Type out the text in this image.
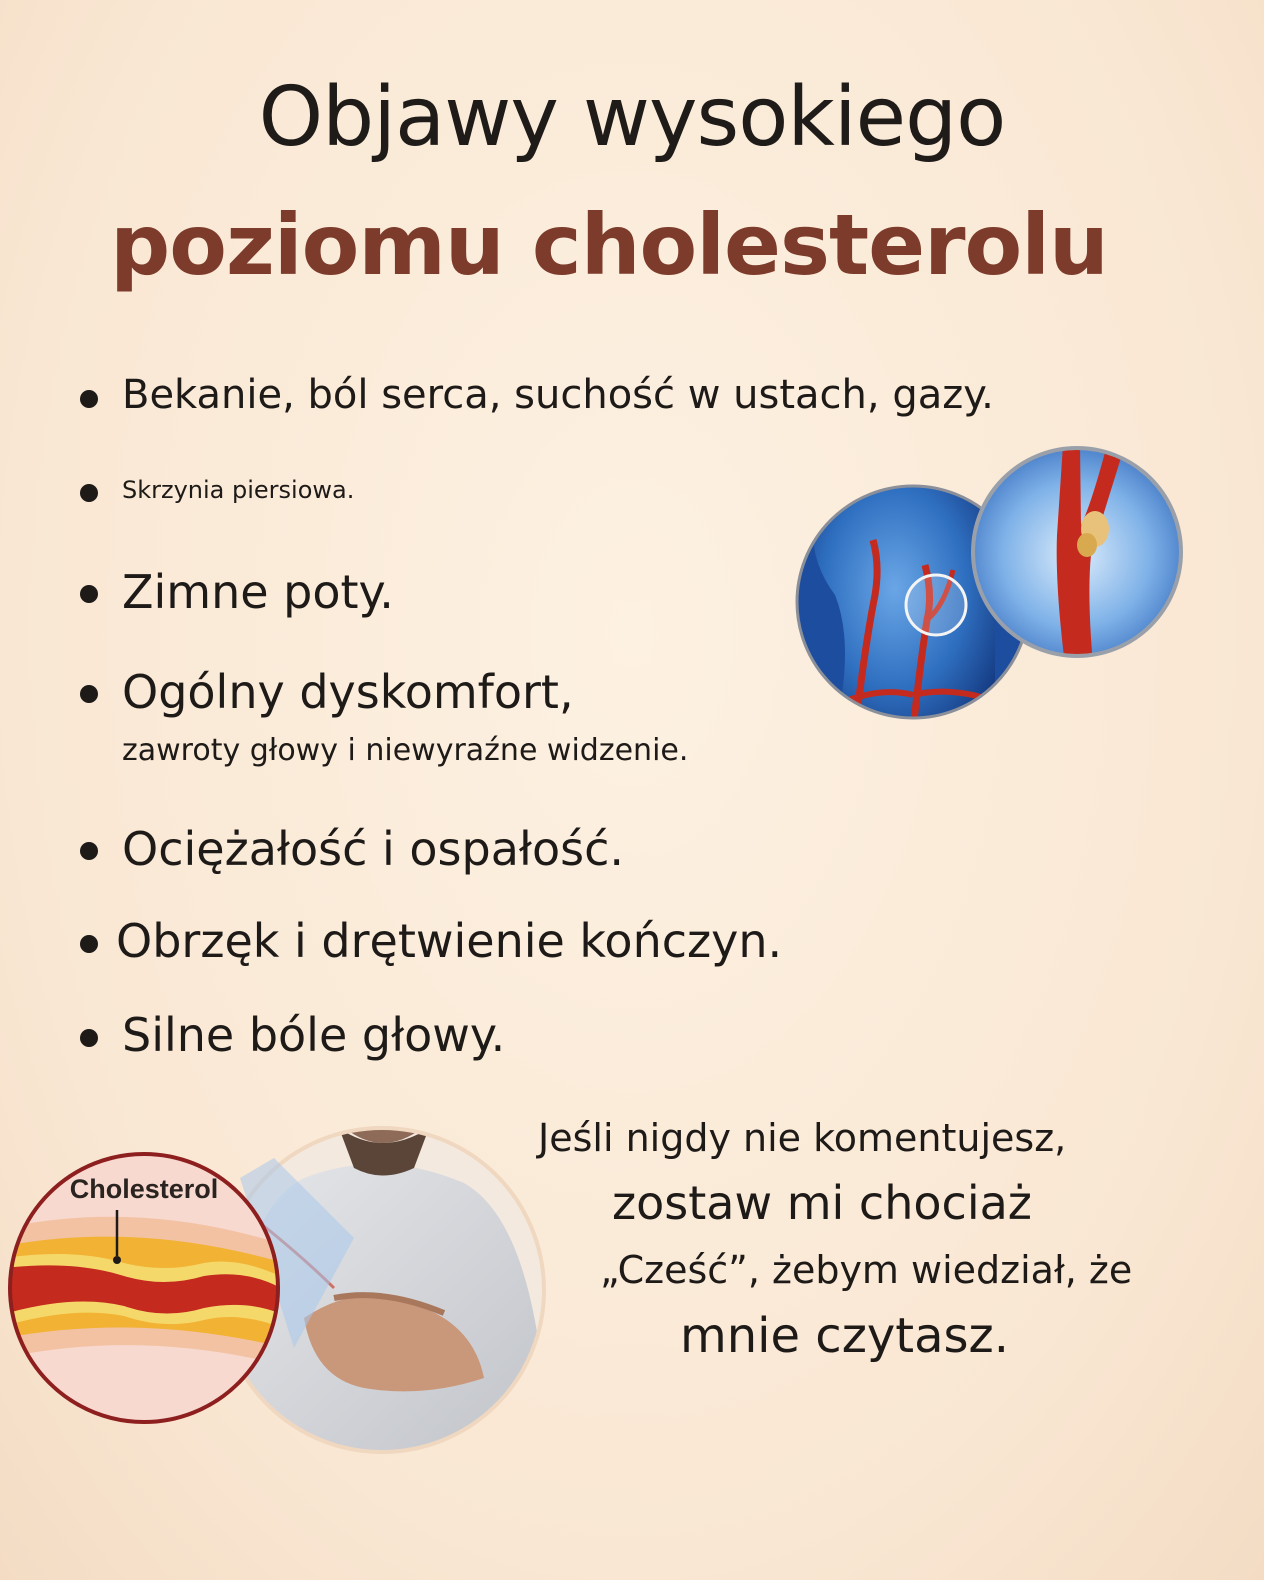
Objawy wysokiego
poziomu cholesterolu
Bekanie, ból serca, suchość w ustach, gazy.
Skrzynia piersiowa.
Zimne poty.
Ogólny dyskomfort,
zawroty głowy i niewyraźne widzenie.
Ociężałość i ospałość.
Obrzęk i drętwienie kończyn.
Silne bóle głowy.
Cholesterol
Jeśli nigdy nie komentujesz,
zostaw mi chociaż
„Cześć”, żebym wiedział, że
mnie czytasz.
